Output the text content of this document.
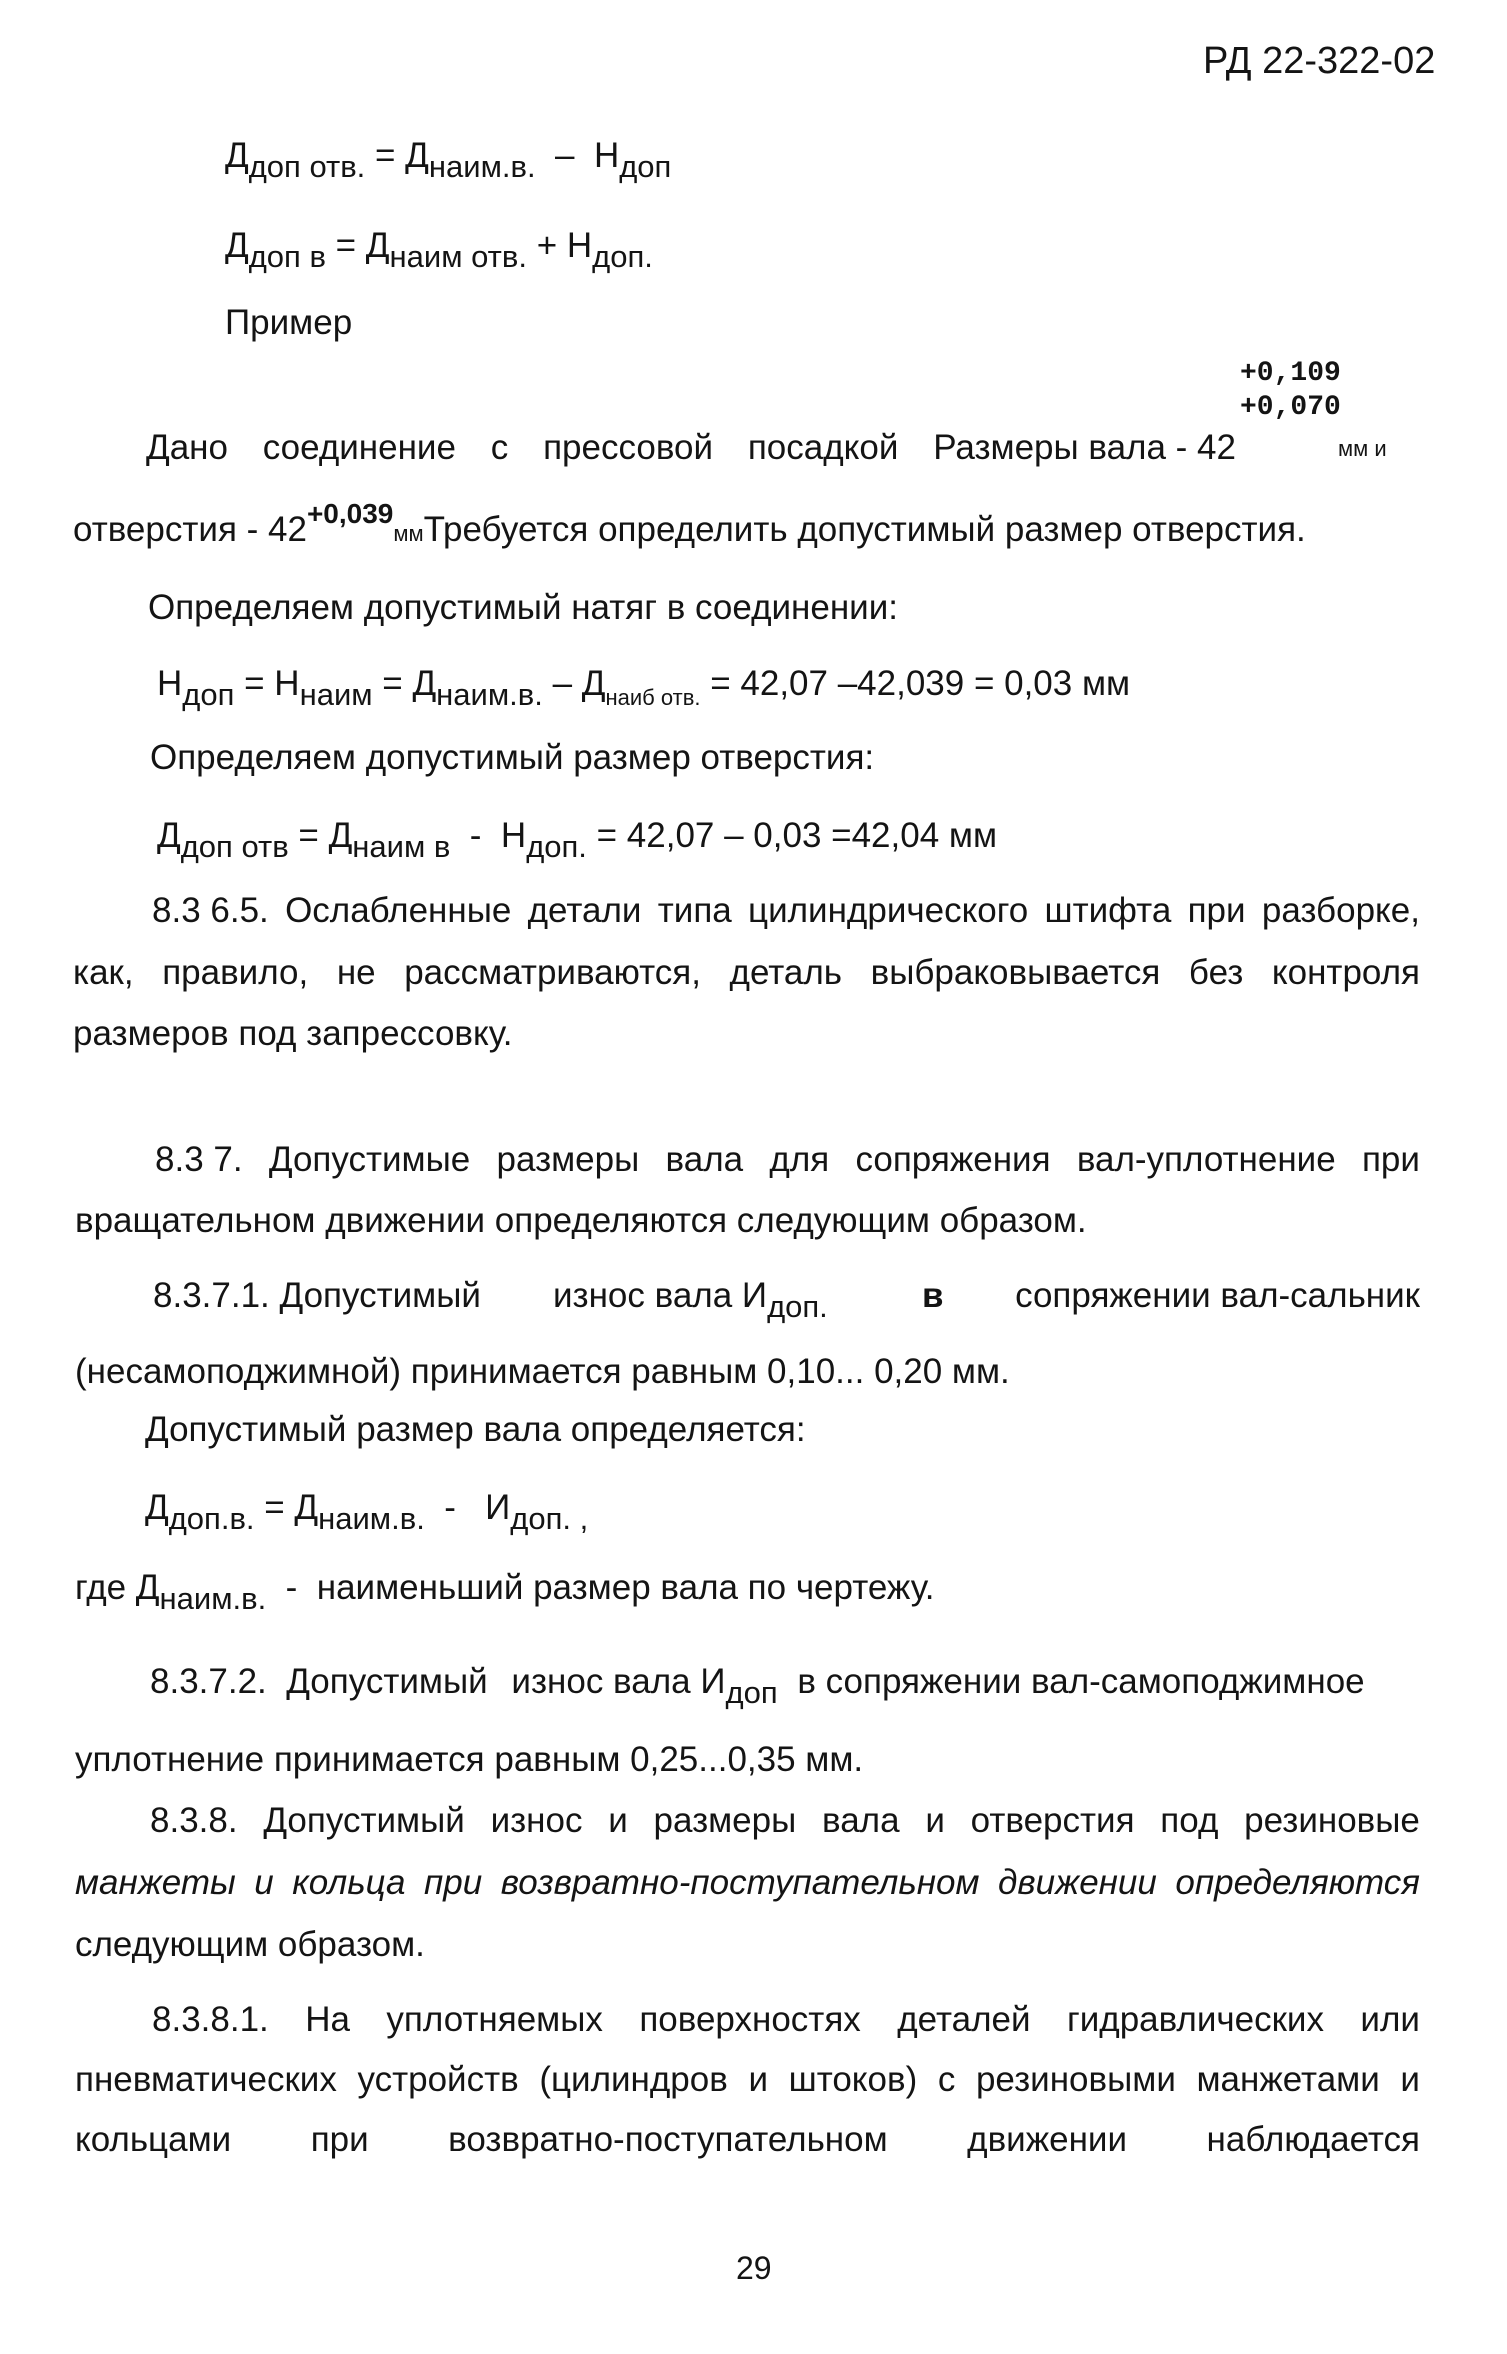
РД 22-322-02
Ддоп отв. = Днаим.в.  –  Ндоп
Ддоп в = Днаим отв. + Ндоп.
Пример
+0,109
+0,070
Дано соединение с прессовой посадкой Размеры вала - 42	мм и
отверстия - $42^{+0,039}ммТребуется$ определить допустимый размер отверстия.
Определяем допустимый натяг в соединении:
Ндоп = Ннаим = Днаим.в. – $Д_{наиб отв.} = 42,07$ –42,039 = 0,03 мм
Определяем допустимый размер отверстия:
Ддоп отв = Днаим в  -  Ндоп. = 42,07 – 0,03 =42,04 мм
8.3 6.5. Ослабленные детали типа цилиндрического штифта при разборке,
как, правило, не рассматриваются, деталь выбраковывается без контроля
размеров под запрессовку.
8.3 7. Допустимые размеры вала для сопряжения вал-уплотнение при
вращательном движении определяются следующим образом.
8.3.7.1. Допустимый износ вала Идоп.	в сопряжении вал-сальник
(несамоподжимной) принимается равным 0,10... 0,20 мм.
Допустимый размер вала определяется:
Ддоп.в. = Днаим.в.  -   Идоп. ,
где Днаим.в.  -  наименьший размер вала по чертежу.
8.3.7.2.  Допустимый износ вала Идоп в сопряжении вал-самоподжимное
уплотнение принимается равным 0,25...0,35 мм.
8.3.8. Допустимый износ и размеры вала и отверстия под резиновые
манжеты и кольца при возвратно-поступательном движении определяются
следующим образом.
8.3.8.1. На уплотняемых поверхностях деталей гидравлических или
пневматических устройств (цилиндров и штоков) с резиновыми манжетами и
кольцами при возвратно-поступательном движении наблюдается
29
